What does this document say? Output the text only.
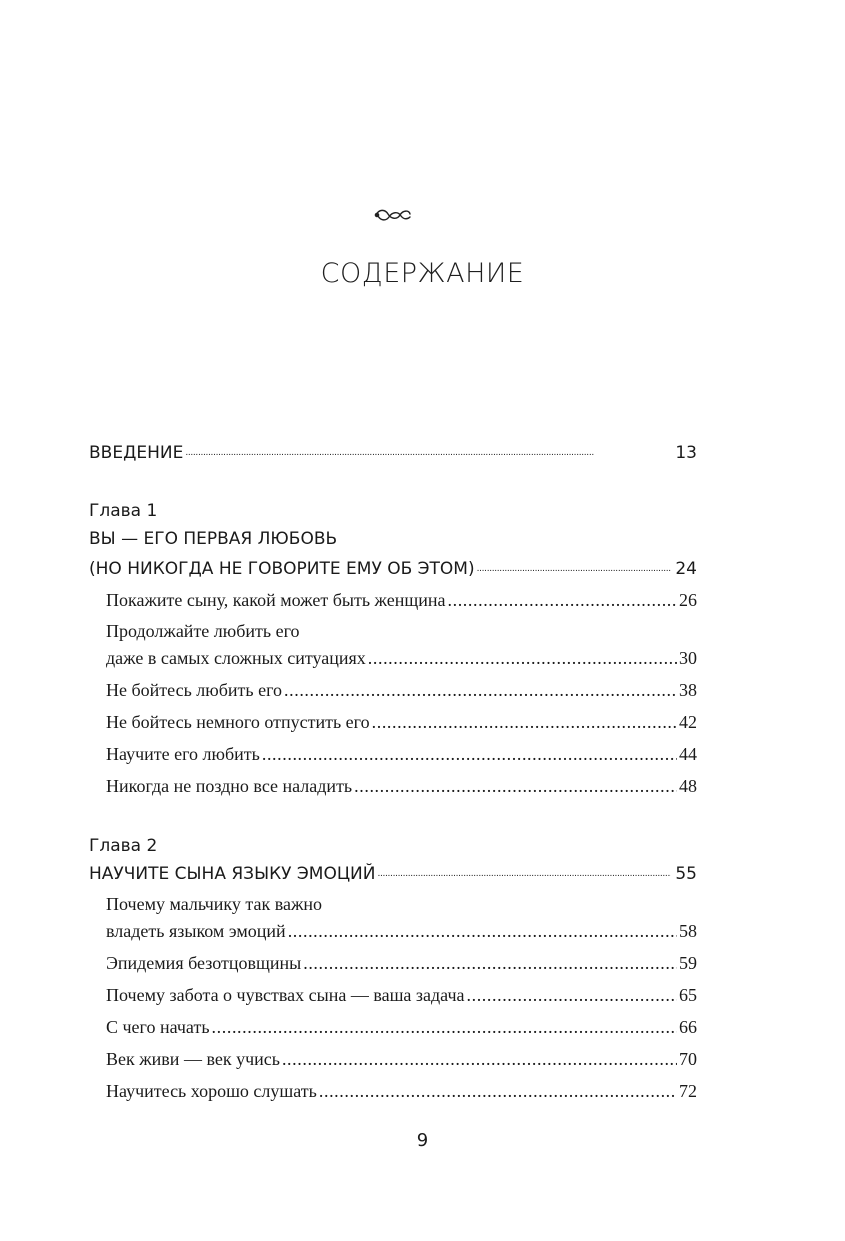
СОДЕРЖАНИЕ
ВВЕДЕНИЕ . . .	13
Глава 1
ВЫ — ЕГО ПЕРВАЯ ЛЮБОВЬ
(НО НИКОГДА НЕ ГОВОРИТЕ ЕМУ ОБ ЭТОМ) . . .	24
Покажите сыну, какой может быть женщина .....	26
Продолжайте любить его
даже в самых сложных ситуациях .....	30
Не бойтесь любить его .....	38
Не бойтесь немного отпустить его .....	42
Научите его любить .....	44
Никогда не поздно все наладить .....	48
Глава 2
НАУЧИТЕ СЫНА ЯЗЫКУ ЭМОЦИЙ . . .	55
Почему мальчику так важно
владеть языком эмоций .....	58
Эпидемия безотцовщины .....	59
Почему забота о чувствах сына — ваша задача .....	65
С чего начать .....	66
Век живи — век учись .....	70
Научитесь хорошо слушать .....	72
9
